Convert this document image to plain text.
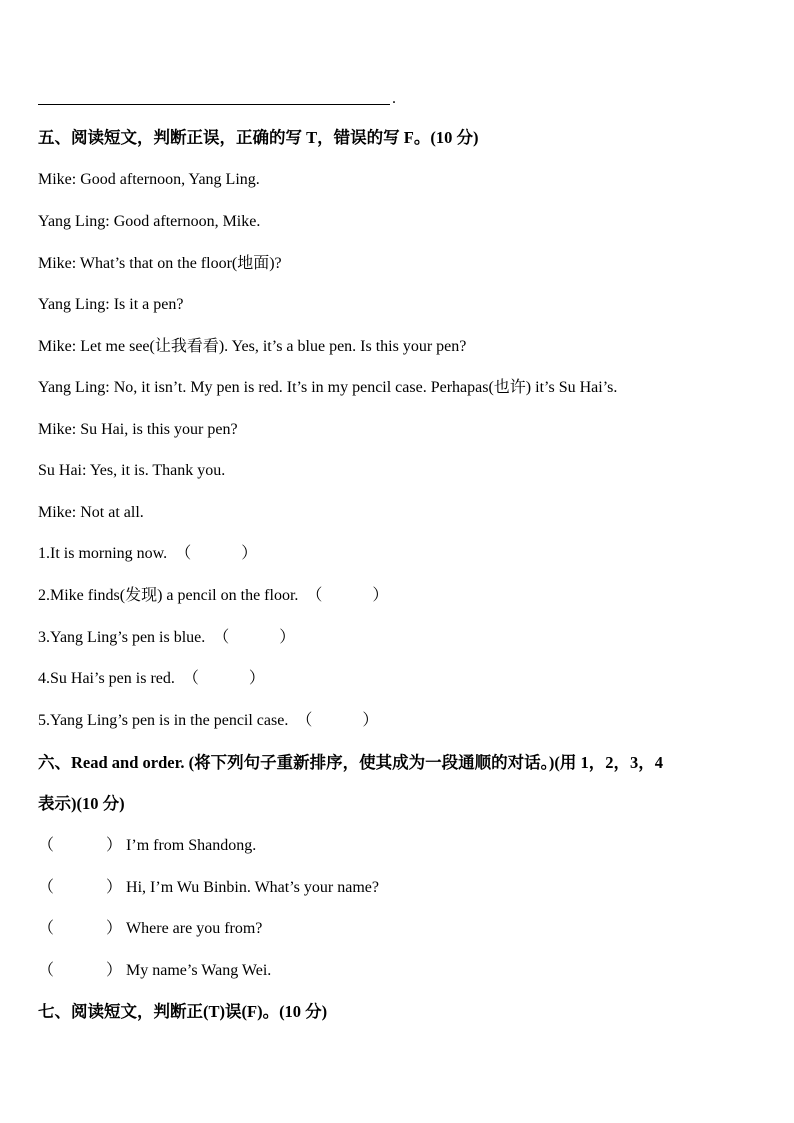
.
五、阅读短文，判断正误，正确的写 T，错误的写 F。(10 分)
Mike: Good afternoon, Yang Ling.
Yang Ling: Good afternoon, Mike.
Mike: What’s that on the floor(地面)?
Yang Ling: Is it a pen?
Mike: Let me see(让我看看). Yes, it’s a blue pen. Is this your pen?
Yang Ling: No, it isn’t. My pen is red. It’s in my pencil case. Perhapas(也许) it’s Su Hai’s.
Mike: Su Hai, is this your pen?
Su Hai: Yes, it is. Thank you.
Mike: Not at all.
1.It is morning now.  （	）
2.Mike finds(发现) a pencil on the floor.  （	）
3.Yang Ling’s pen is blue.  （	）
4.Su Hai’s pen is red.  （	）
5.Yang Ling’s pen is in the pencil case.  （	）
六、Read and order. (将下列句子重新排序，使其成为一段通顺的对话。)(用 1，2，3，4
表示)(10 分)
（	） I’m from Shandong.
（	） Hi, I’m Wu Binbin. What’s your name?
（	） Where are you from?
（	） My name’s Wang Wei.
七、阅读短文，判断正(T)误(F)。(10 分)
